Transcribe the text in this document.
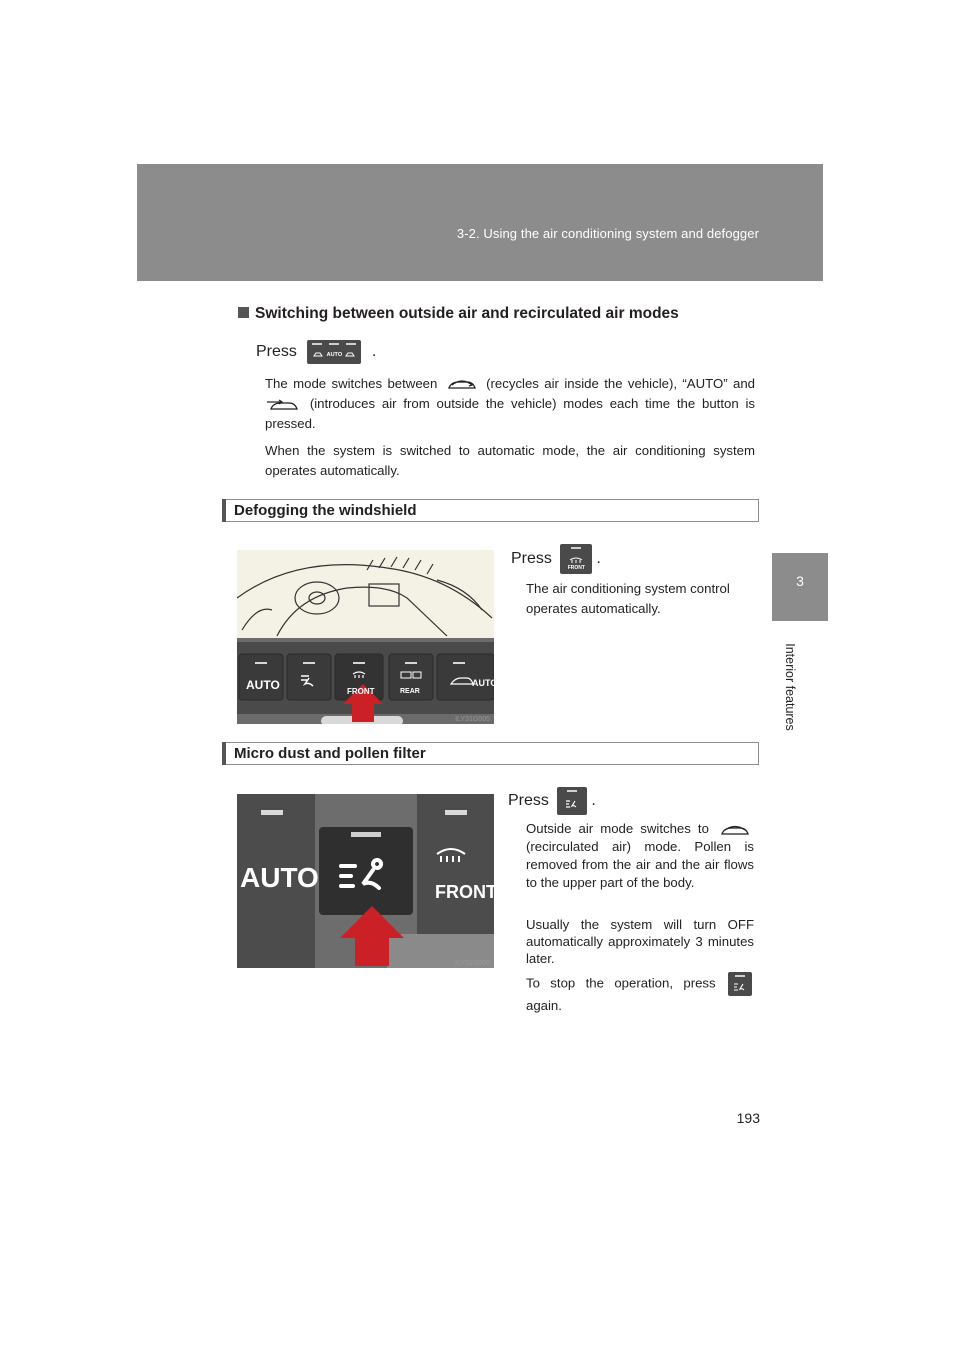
3-2. Using the air conditioning system and defogger
3
Interior features
Switching between outside air and recirculated air modes
Press	AUTO	.
The mode switches between	(recycles air inside the vehicle), “AUTO” and  (introduces air from outside the vehicle) modes each time the button is pressed.
When the system is switched to automatic mode, the air conditioning system operates automatically.
Defogging the windshield
AUTO	FRONT	REAR
AUTO
ILY31G005
Press
FRONT
.
The air conditioning system control operates automatically.
Micro dust and pollen filter
AUTO	FRONT
ILY31G006
Press	.
Outside air mode switches to  (recirculated air) mode. Pollen is removed from the air and the air flows to the upper part of the body.
Usually the system will turn OFF automatically approximately 3 minutes later.
To stop the operation, press
again.
193
